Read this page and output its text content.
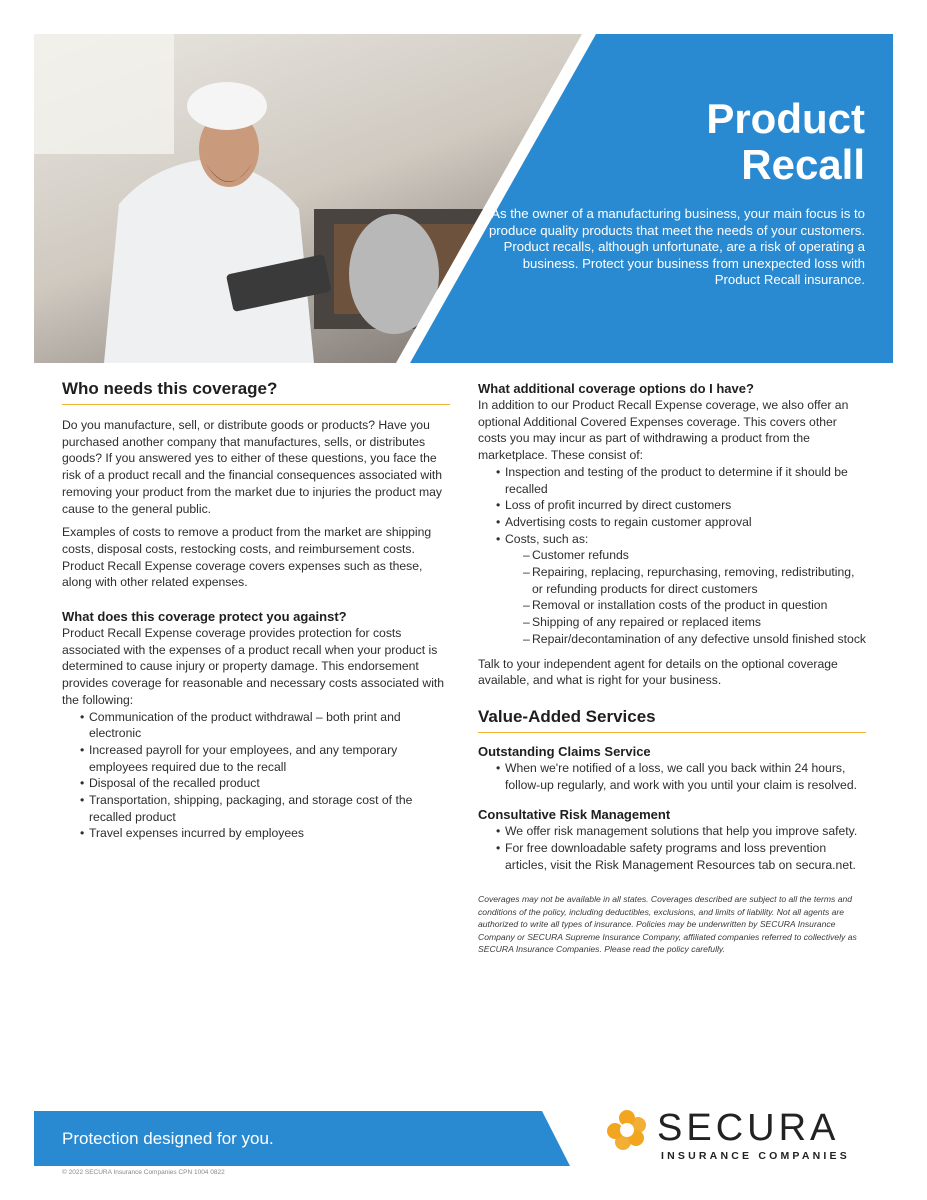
Product
Recall

As the owner of a manufacturing business, your main focus is to produce quality products that meet the needs of your customers. Product recalls, although unfortunate, are a risk of operating a business. Protect your business from unexpected loss with Product Recall insurance.

Who needs this coverage?

Do you manufacture, sell, or distribute goods or products? Have you purchased another company that manufactures, sells, or distributes goods? If you answered yes to either of these questions, you face the risk of a product recall and the financial consequences associated with removing your product from the market due to injuries the product may cause to the general public.

Examples of costs to remove a product from the market are shipping costs, disposal costs, restocking costs, and reimbursement costs. Product Recall Expense coverage covers expenses such as these, along with other related expenses.

What does this coverage protect you against?

Product Recall Expense coverage provides protection for costs associated with the expenses of a product recall when your product is determined to cause injury or property damage. This endorsement provides coverage for reasonable and necessary costs associated with the following:

• Communication of the product withdrawal – both print and electronic
• Increased payroll for your employees, and any temporary employees required due to the recall
• Disposal of the recalled product
• Transportation, shipping, packaging, and storage cost of the recalled product
• Travel expenses incurred by employees
What additional coverage options do I have?

In addition to our Product Recall Expense coverage, we also offer an optional Additional Covered Expenses coverage. This covers other costs you may incur as part of withdrawing a product from the marketplace. These consist of:

• Inspection and testing of the product to determine if it should be recalled
• Loss of profit incurred by direct customers
• Advertising costs to regain customer approval
• Costs, such as:
– Customer refunds
– Repairing, replacing, repurchasing, removing, redistributing, or refunding products for direct customers
– Removal or installation costs of the product in question
– Shipping of any repaired or replaced items
– Repair/decontamination of any defective unsold finished stock

Talk to your independent agent for details on the optional coverage available, and what is right for your business.

Value-Added Services
Outstanding Claims Service
• When we're notified of a loss, we call you back within 24 hours, follow-up regularly, and work with you until your claim is resolved.
Consultative Risk Management
• We offer risk management solutions that help you improve safety.
• For free downloadable safety programs and loss prevention articles, visit the Risk Management Resources tab on secura.net.

Coverages may not be available in all states. Coverages described are subject to all the terms and conditions of the policy, including deductibles, exclusions, and limits of liability. Not all agents are authorized to write all types of insurance. Policies may be underwritten by SECURA Insurance Company or SECURA Supreme Insurance Company, affiliated companies referred to collectively as SECURA Insurance Companies. Please read the policy carefully.

Protection designed for you.	SECURA
INSURANCE COMPANIES
© 2022 SECURA Insurance Companies CPN 1004 0822
